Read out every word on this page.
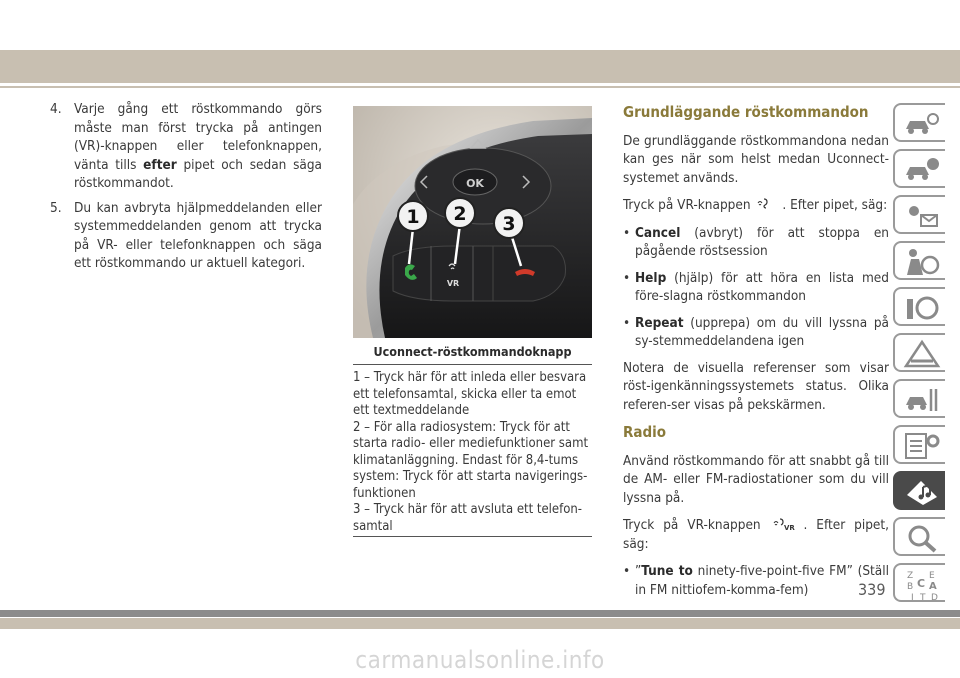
4. Varje gång ett röstkommando görs måste man först trycka på antingen (VR)-knappen eller telefonknappen, vänta tills efter pipet och sedan säga röstkommandot.
5. Du kan avbryta hjälpmeddelanden eller systemmeddelanden genom att trycka på VR- eller telefonknappen och säga ett röstkommando ur aktuell kategori.
OK
VR
1 2 3
Uconnect-röstkommandoknapp
1 – Tryck här för att inleda eller besvara ett telefonsamtal, skicka eller ta emot ett textmeddelande
2 – För alla radiosystem: Tryck för att starta radio- eller mediefunktioner samt klimatanläggning. Endast för 8,4-tums system: Tryck för att starta navigerings-funktionen
3 – Tryck här för att avsluta ett telefon-samtal
Grundläggande röstkommandon

De grundläggande röstkommandona nedan kan ges när som helst medan Uconnect-systemet används.

Tryck på VR-knappen . Efter pipet, säg:

• Cancel (avbryt) för att stoppa en pågående röstsession
• Help (hjälp) för att höra en lista med före-slagna röstkommandon
• Repeat (upprepa) om du vill lyssna på sy-stemmeddelandena igen

Notera de visuella referenser som visar röst-igenkänningssystemets status. Olika referen-ser visas på pekskärmen.

Radio

Använd röstkommando för att snabbt gå till de AM- eller FM-radiostationer som du vill lyssna på.

Tryck på VR-knappen	VR . Efter pipet, säg:

• ”Tune to ninety-five-point-five FM” (Ställ in FM nittiofem-komma-fem)
Z E
B A
C
D
I T
339
carmanualsonline.info
